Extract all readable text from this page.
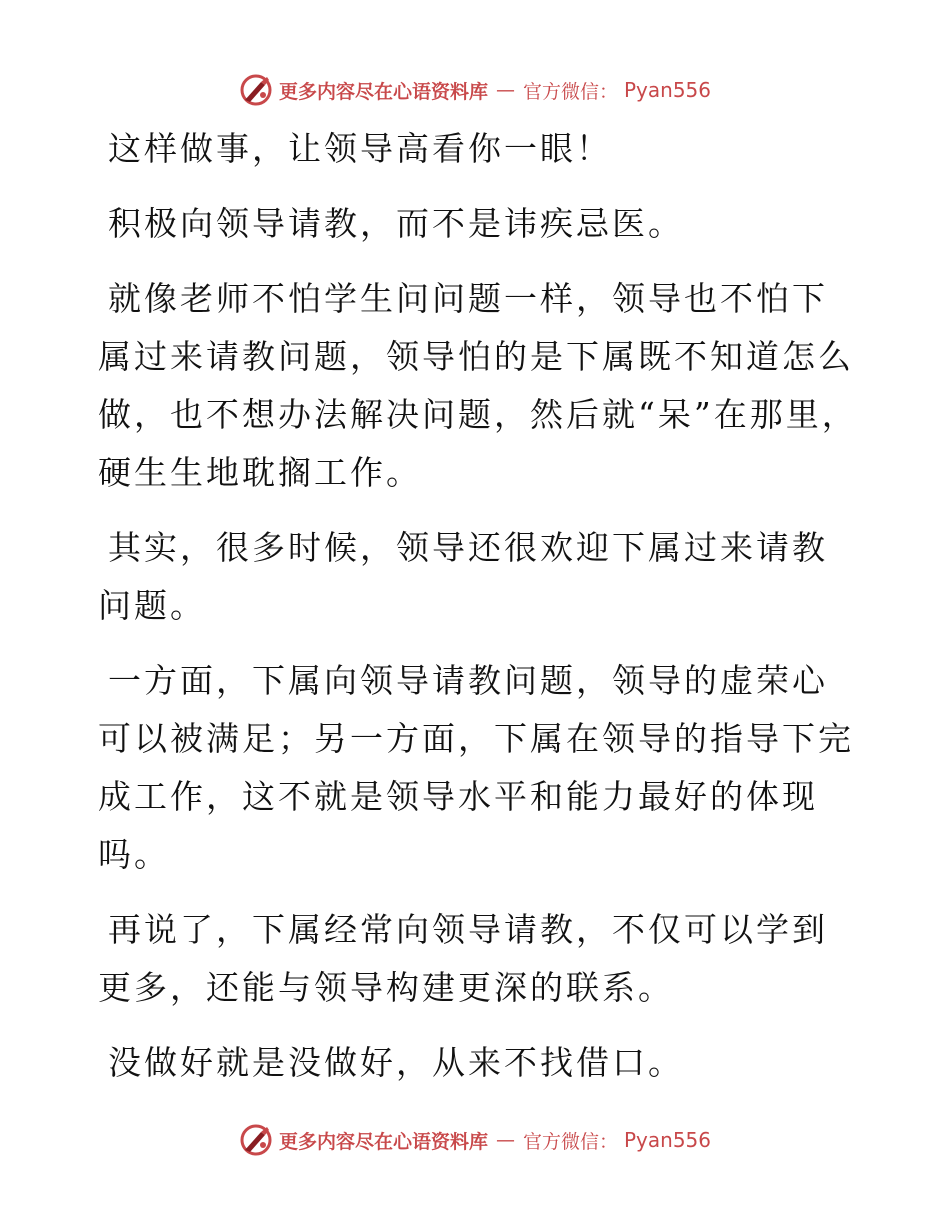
更多内容尽在心语资料库 — 官方微信： Pyan556

这样做事，让领导高看你一眼！

积极向领导请教，而不是讳疾忌医。

就像老师不怕学生问问题一样，领导也不怕下属过来请教问题，领导怕的是下属既不知道怎么做，也不想办法解决问题，然后就“呆”在那里，硬生生地耽搁工作。

其实，很多时候，领导还很欢迎下属过来请教问题。

一方面，下属向领导请教问题，领导的虚荣心可以被满足；另一方面，下属在领导的指导下完成工作，这不就是领导水平和能力最好的体现吗。

再说了，下属经常向领导请教，不仅可以学到更多，还能与领导构建更深的联系。

没做好就是没做好，从来不找借口。

更多内容尽在心语资料库 — 官方微信： Pyan556
